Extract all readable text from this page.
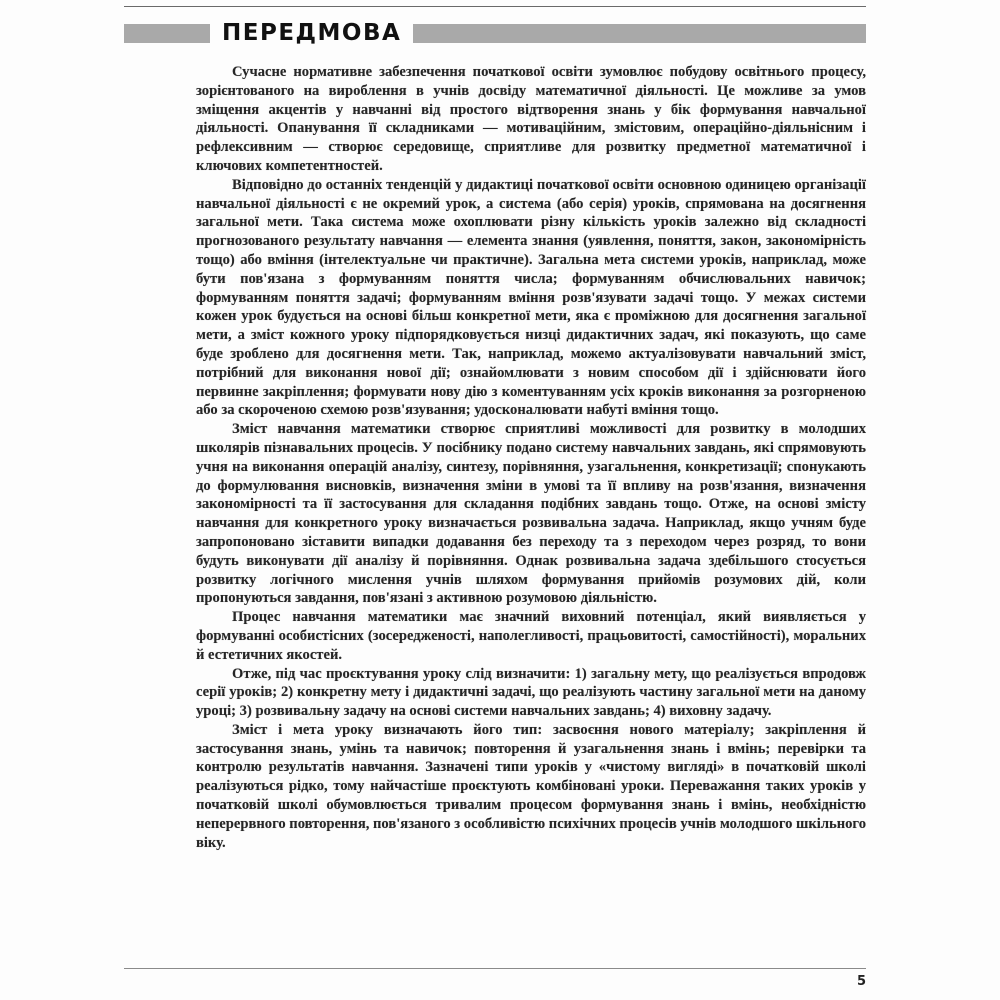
ПЕРЕДМОВА

Сучасне нормативне забезпечення початкової освіти зумовлює побудову освітнього процесу, зорієнтованого на вироблення в учнів досвіду математичної діяльності. Це можливе за умов зміщення акцентів у навчанні від простого відтворення знань у бік формування навчальної діяльності. Опанування її складниками — мотиваційним, змістовим, операційно-діяльнісним і рефлексивним — створює середовище, сприятливе для розвитку предметної математичної і ключових компетентностей.

Відповідно до останніх тенденцій у дидактиці початкової освіти основною одиницею організації навчальної діяльності є не окремий урок, а система (або серія) уроків, спрямована на досягнення загальної мети. Така система може охоплювати різну кількість уроків залежно від складності прогнозованого результату навчання — елемента знання (уявлення, поняття, закон, закономірність тощо) або вміння (інтелектуальне чи практичне). Загальна мета системи уроків, наприклад, може бути пов'язана з формуванням поняття числа; формуванням обчислювальних навичок; формуванням поняття задачі; формуванням вміння розв'язувати задачі тощо. У межах системи кожен урок будується на основі більш конкретної мети, яка є проміжною для досягнення загальної мети, а зміст кожного уроку підпорядковується низці дидактичних задач, які показують, що саме буде зроблено для досягнення мети. Так, наприклад, можемо актуалізовувати навчальний зміст, потрібний для виконання нової дії; ознайомлювати з новим способом дії і здійснювати його первинне закріплення; формувати нову дію з коментуванням усіх кроків виконання за розгорненою або за скороченою схемою розв'язування; удосконалювати набуті вміння тощо.

Зміст навчання математики створює сприятливі можливості для розвитку в молодших школярів пізнавальних процесів. У посібнику подано систему навчальних завдань, які спрямовують учня на виконання операцій аналізу, синтезу, порівняння, узагальнення, конкретизації; спонукають до формулювання висновків, визначення зміни в умові та її впливу на розв'язання, визначення закономірності та її застосування для складання подібних завдань тощо. Отже, на основі змісту навчання для конкретного уроку визначається розвивальна задача. Наприклад, якщо учням буде запропоновано зіставити випадки додавання без переходу та з переходом через розряд, то вони будуть виконувати дії аналізу й порівняння. Однак розвивальна задача здебільшого стосується розвитку логічного мислення учнів шляхом формування прийомів розумових дій, коли пропонуються завдання, пов'язані з активною розумовою діяльністю.

Процес навчання математики має значний виховний потенціал, який виявляється у формуванні особистісних (зосередженості, наполегливості, працьовитості, самостійності), моральних й естетичних якостей.

Отже, під час проєктування уроку слід визначити: 1) загальну мету, що реалізується впродовж серії уроків; 2) конкретну мету і дидактичні задачі, що реалізують частину загальної мети на даному уроці; 3) розвивальну задачу на основі системи навчальних завдань; 4) виховну задачу.

Зміст і мета уроку визначають його тип: засвоєння нового матеріалу; закріплення й застосування знань, умінь та навичок; повторення й узагальнення знань і вмінь; перевірки та контролю результатів навчання. Зазначені типи уроків у «чистому вигляді» в початковій школі реалізуються рідко, тому найчастіше проєктують комбіновані уроки. Переважання таких уроків у початковій школі обумовлюється тривалим процесом формування знань і вмінь, необхідністю неперервного повторення, пов'язаного з особливістю психічних процесів учнів молодшого шкільного віку.

5
